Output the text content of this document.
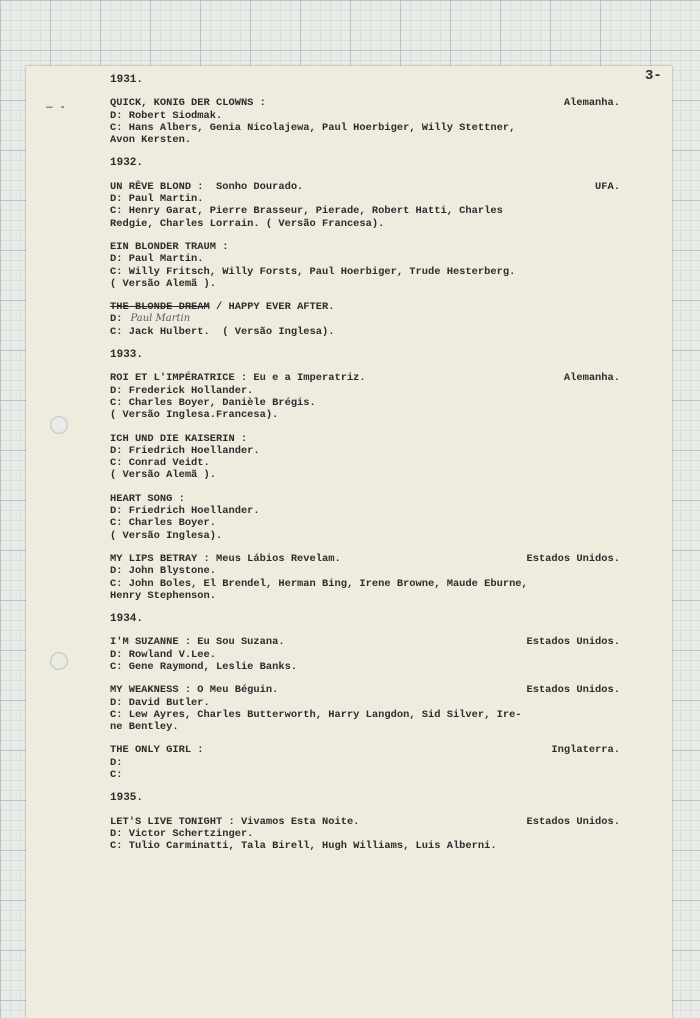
3-
— -
1931.
QUICK, KONIG DER CLOWNS :	Alemanha.
D: Robert Siodmak.
C: Hans Albers, Genia Nicolajewa, Paul Hoerbiger, Willy Stettner,
Avon Kersten.
1932.
UN RÊVE BLOND :  Sonho Dourado.	UFA.
D: Paul Martin.
C: Henry Garat, Pierre Brasseur, Pierade, Robert Hatti, Charles
Redgie, Charles Lorrain. ( Versão Francesa).
EIN BLONDER TRAUM :
D: Paul Martin.
C: Willy Fritsch, Willy Forsts, Paul Hoerbiger, Trude Hesterberg.
( Versão Alemã ).
THE BLONDE DREAM / HAPPY EVER AFTER.
D: Paul Martin
C: Jack Hulbert.  ( Versão Inglesa).
1933.
ROI ET L'IMPÉRATRICE : Eu e a Imperatriz.	Alemanha.
D: Frederick Hollander.
C: Charles Boyer, Danièle Brégis.
( Versão Inglesa.Francesa).
ICH UND DIE KAISERIN :
D: Friedrich Hoellander.
C: Conrad Veidt.
( Versão Alemã ).
HEART SONG :
D: Friedrich Hoellander.
C: Charles Boyer.
( Versão Inglesa).
MY LIPS BETRAY : Meus Lábios Revelam.	Estados Unidos.
D: John Blystone.
C: John Boles, El Brendel, Herman Bing, Irene Browne, Maude Eburne,
Henry Stephenson.
1934.
I'M SUZANNE : Eu Sou Suzana.	Estados Unidos.
D: Rowland V.Lee.
C: Gene Raymond, Leslie Banks.
MY WEAKNESS : O Meu Béguin.	Estados Unidos.
D: David Butler.
C: Lew Ayres, Charles Butterworth, Harry Langdon, Sid Silver, Ire-
ne Bentley.
THE ONLY GIRL :	Inglaterra.
D:
C:
1935.
LET'S LIVE TONIGHT : Vivamos Esta Noite.	Estados Unidos.
D: Victor Schertzinger.
C: Tulio Carminatti, Tala Birell, Hugh Williams, Luis Alberni.
